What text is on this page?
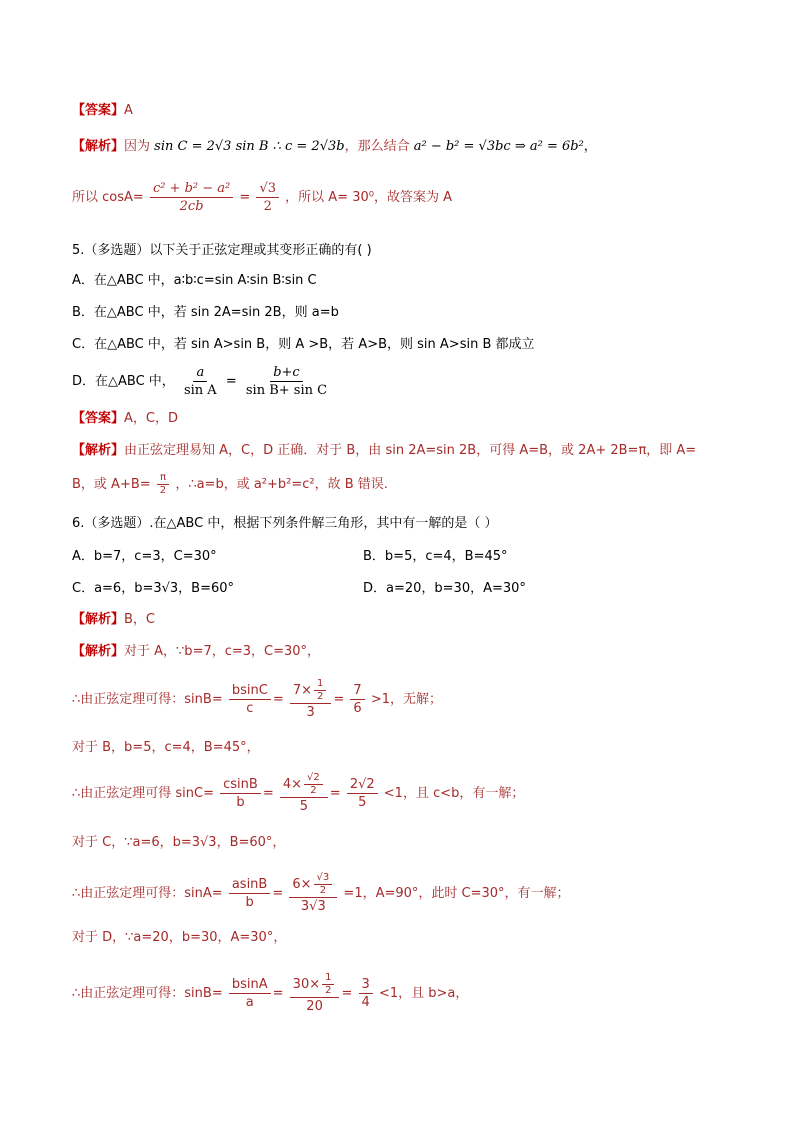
【答案】A
【解析】因为 sin C = 2√3 sin B ∴ c = 2√3b，那么结合 a² − b² = √3bc ⇒ a² = 6b²，
所以 $\cos A= \frac{\text{c² + b² − a²}}{2cb} = \frac{√3}{2}$ ，所以 A= 30⁰，故答案为 A
5.（多选题）以下关于正弦定理或其变形正确的有( )
A．在△ABC 中，a∶b∶c=sin A∶sin B∶sin C
B．在△ABC 中，若 sin 2A=sin 2B，则 a=b
C．在△ABC 中，若 sin A>sin B，则 A >B，若 A>B，则 sin A>sin B 都成立
D．在△ABC 中， $\frac{a}{\text{sin A}} = \frac{b+c}{\text{sin B+ sin C}}$
【答案】A，C，D
【解析】由正弦定理易知 A，C，D 正确．对于 B，由 sin 2A=sin 2B，可得 A=B，或 2A+ 2B=π，即 A=
B，或 $A+B= \frac{\pi}{2}$ ，∴a=b，或 a²+b²=c²，故 B 错误.
6.（多选题）.在△ABC 中，根据下列条件解三角形，其中有一解的是（ ）
A．b=7，c=3，C=30°	B．b=5，c=4，B=45°
C．a=6，b=3√3，B=60°	D．a=20，b=30，A=30°
【解析】B，C
【解析】对于 A，∵b=7，c=3，C=30°，
∴由正弦定理可得：$\sin B= \frac{bsinC}{c} = \frac{7\times \frac{1}{2}}{3} = \frac{7}{6} >1$，无解；
对于 B，b=5，c=4，B=45°，
∴由正弦定理可得 $\sin C= \frac{csinB}{b} = \frac{4\times \frac{√2}{2}}{5} = \frac{2√2}{5} <1$，且 c<b，有一解；
对于 C，∵a=6，b=3√3，B=60°，
∴由正弦定理可得：$\sin A= \frac{asinB}{b} = \frac{6\times \frac{√3}{2}}{3√3} =1$，A=90°，此时 C=30°，有一解；
对于 D，∵a=20，b=30，A=30°，
∴由正弦定理可得：$\sin B= \frac{bsinA}{a} = \frac{30\times \frac{1}{2}}{20} = \frac{3}{4} <1$，且 b>a，
